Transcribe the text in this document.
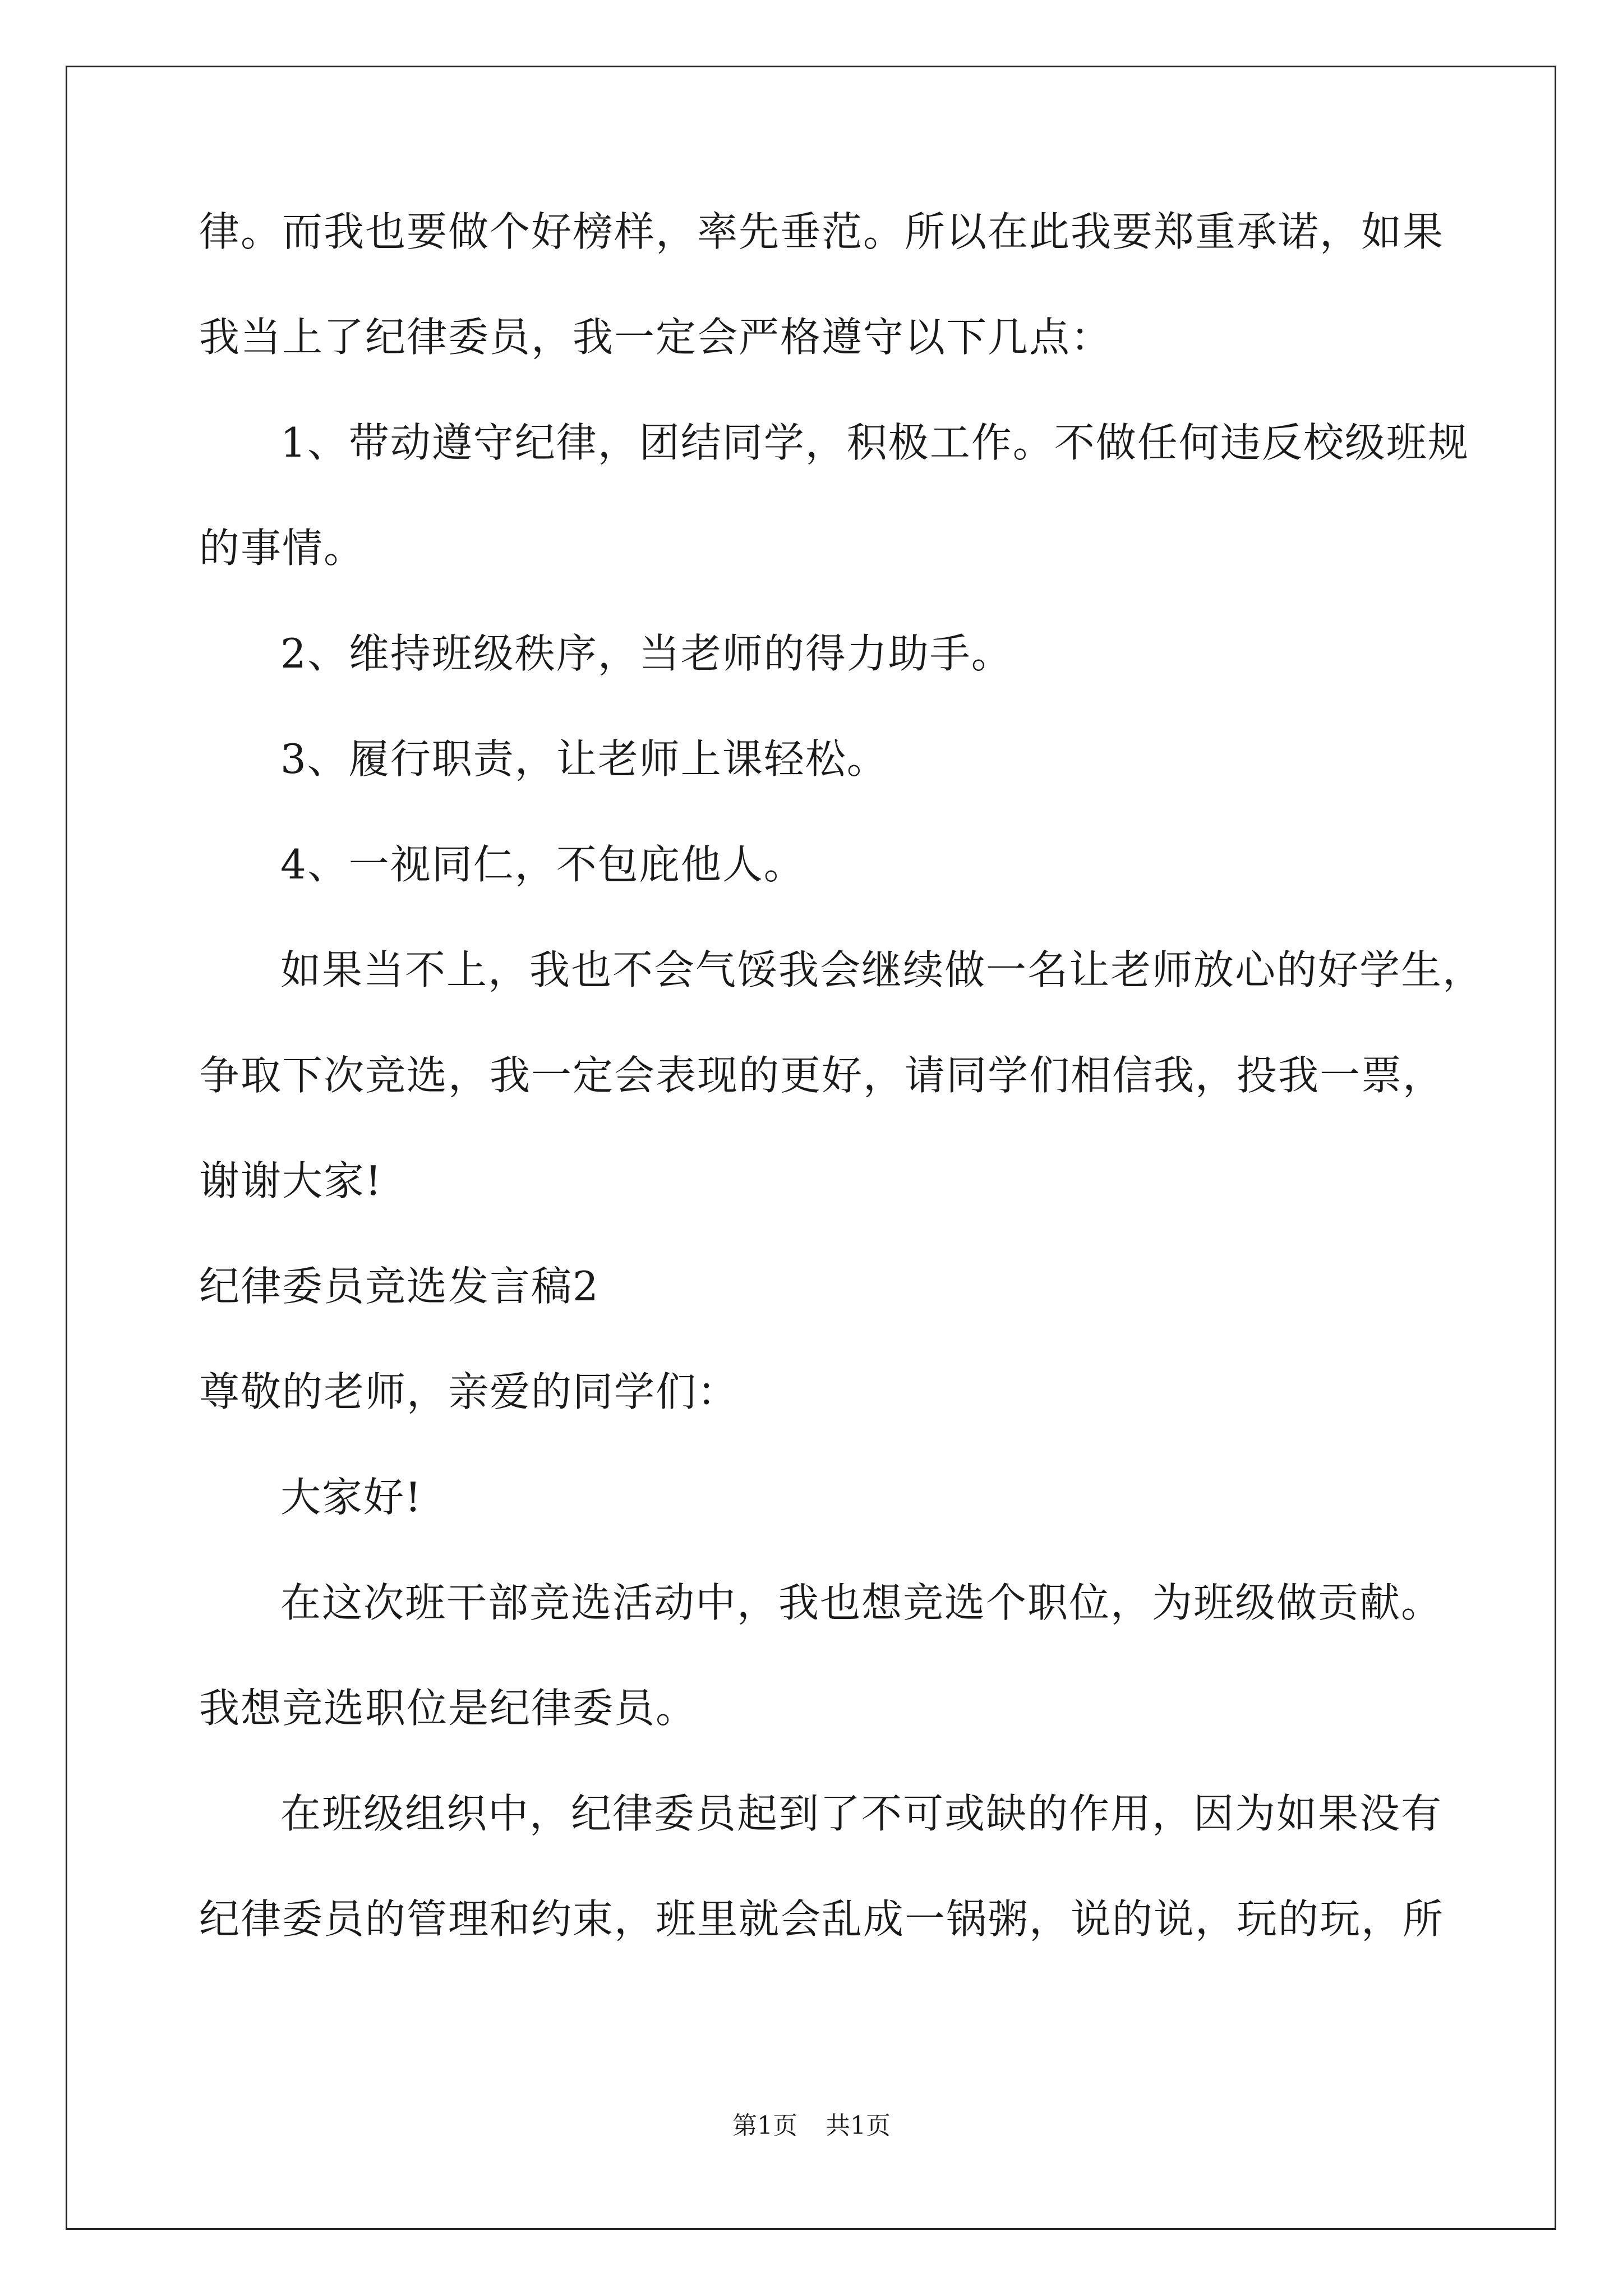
律。而我也要做个好榜样，率先垂范。所以在此我要郑重承诺，如果

我当上了纪律委员，我一定会严格遵守以下几点：

1、带动遵守纪律，团结同学，积极工作。不做任何违反校级班规

的事情。

2、维持班级秩序，当老师的得力助手。

3、履行职责，让老师上课轻松。

4、一视同仁，不包庇他人。

如果当不上，我也不会气馁我会继续做一名让老师放心的好学生，

争取下次竞选，我一定会表现的更好，请同学们相信我，投我一票，

谢谢大家!

纪律委员竞选发言稿2

尊敬的老师，亲爱的同学们：

大家好!

在这次班干部竞选活动中，我也想竞选个职位，为班级做贡献。

我想竞选职位是纪律委员。

在班级组织中，纪律委员起到了不可或缺的作用，因为如果没有

纪律委员的管理和约束，班里就会乱成一锅粥，说的说，玩的玩，所

第1页 共1页
